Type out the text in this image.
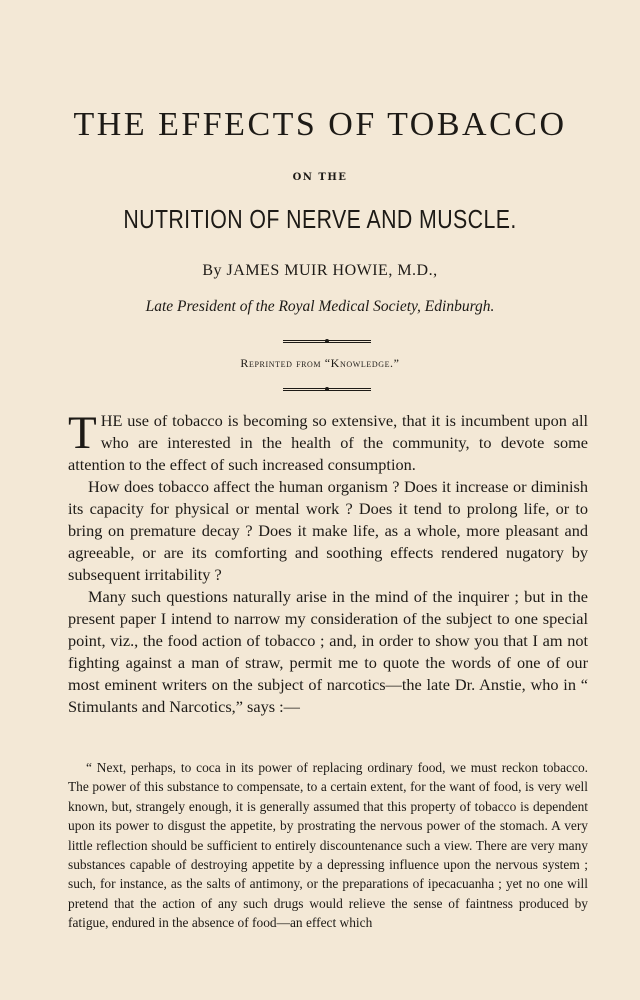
THE EFFECTS OF TOBACCO
ON THE
NUTRITION OF NERVE AND MUSCLE.
By JAMES MUIR HOWIE, M.D.,
Late President of the Royal Medical Society, Edinburgh.
Reprinted from “Knowledge.”

THE use of tobacco is becoming so extensive, that it is incumbent upon all who are interested in the health of the community, to devote some attention to the effect of such increased consumption.

How does tobacco affect the human organism ? Does it increase or diminish its capacity for physical or mental work ? Does it tend to prolong life, or to bring on premature decay ? Does it make life, as a whole, more pleasant and agreeable, or are its comforting and soothing effects rendered nugatory by subsequent irritability ?

Many such questions naturally arise in the mind of the inquirer ; but in the present paper I intend to narrow my consideration of the subject to one special point, viz., the food action of tobacco ; and, in order to show you that I am not fighting against a man of straw, permit me to quote the words of one of our most eminent writers on the subject of narcotics—the late Dr. Anstie, who in “ Stimulants and Narcotics,” says :—

“ Next, perhaps, to coca in its power of replacing ordinary food, we must reckon tobacco. The power of this substance to compensate, to a certain extent, for the want of food, is very well known, but, strangely enough, it is generally assumed that this property of tobacco is dependent upon its power to disgust the appetite, by prostrating the nervous power of the stomach. A very little reflection should be sufficient to entirely discountenance such a view. There are very many substances capable of destroying appetite by a depressing influence upon the nervous system ; such, for instance, as the salts of antimony, or the preparations of ipecacuanha ; yet no one will pretend that the action of any such drugs would relieve the sense of faintness produced by fatigue, endured in the absence of food—an effect which
